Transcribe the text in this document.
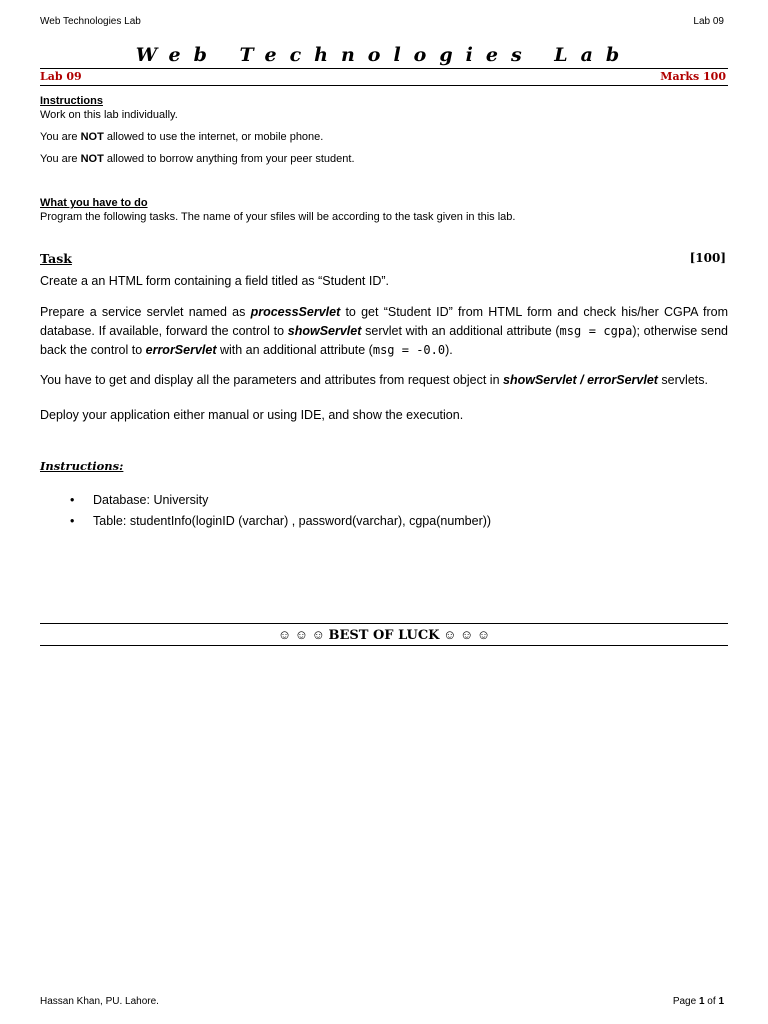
Web Technologies Lab	Lab 09
Web Technologies Lab
Lab 09	Marks 100
Instructions
Work on this lab individually.
You are NOT allowed to use the internet, or mobile phone.
You are NOT allowed to borrow anything from your peer student.
What you have to do
Program the following tasks. The name of your sfiles will be according to the task given in this lab.
Task	[100]
Create a an HTML form containing a field titled as “Student ID”.
Prepare a service servlet named as processServlet to get “Student ID” from HTML form and check his/her CGPA from database. If available, forward the control to showServlet servlet with an additional attribute (msg = cgpa); otherwise send back the control to errorServlet with an additional attribute (msg = -0.0).
You have to get and display all the parameters and attributes from request object in showServlet / errorServlet servlets.
Deploy your application either manual or using IDE, and show the execution.
Instructions:
• Database: University
• Table: studentInfo(loginID (varchar) , password(varchar), cgpa(number))
☺ ☺ ☺ BEST OF LUCK ☺ ☺ ☺
Hassan Khan, PU. Lahore.	Page 1 of 1
